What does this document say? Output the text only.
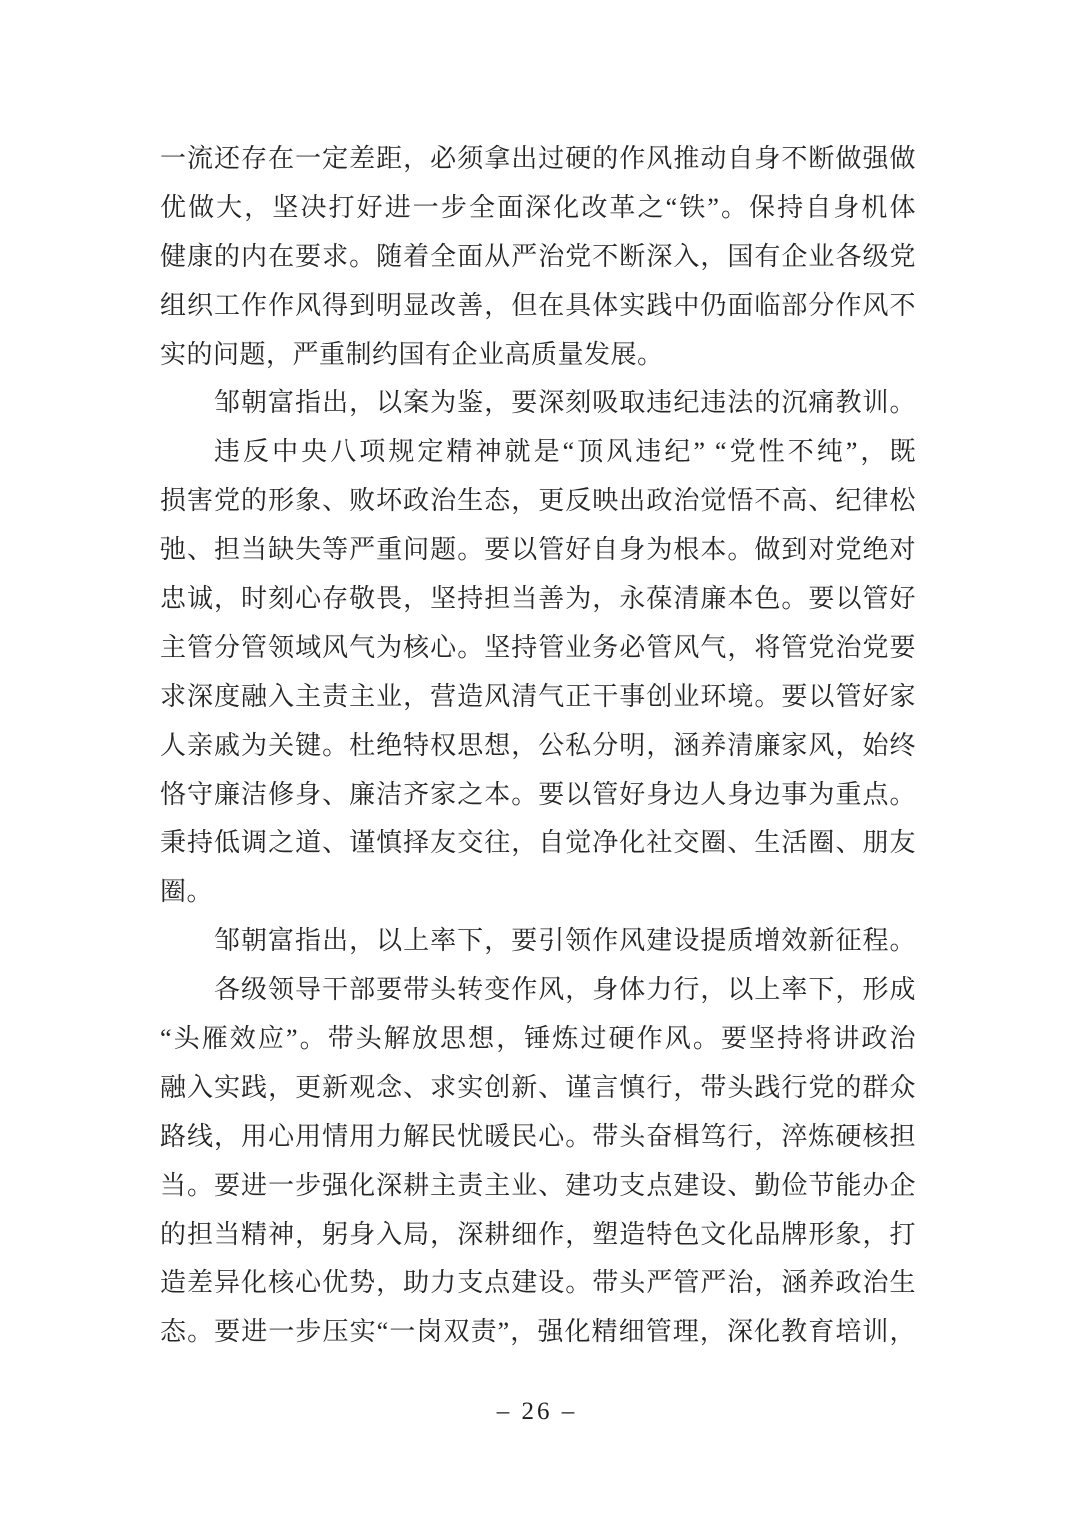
一流还存在一定差距，必须拿出过硬的作风推动自身不断做强做
优做大，坚决打好进一步全面深化改革之“铁”。保持自身机体
健康的内在要求。随着全面从严治党不断深入，国有企业各级党
组织工作作风得到明显改善，但在具体实践中仍面临部分作风不
实的问题，严重制约国有企业高质量发展。
邹朝富指出，以案为鉴，要深刻吸取违纪违法的沉痛教训。
违反中央八项规定精神就是“顶风违纪” “党性不纯”，既
损害党的形象、败坏政治生态，更反映出政治觉悟不高、纪律松
弛、担当缺失等严重问题。要以管好自身为根本。做到对党绝对
忠诚，时刻心存敬畏，坚持担当善为，永葆清廉本色。要以管好
主管分管领域风气为核心。坚持管业务必管风气，将管党治党要
求深度融入主责主业，营造风清气正干事创业环境。要以管好家
人亲戚为关键。杜绝特权思想，公私分明，涵养清廉家风，始终
恪守廉洁修身、廉洁齐家之本。要以管好身边人身边事为重点。
秉持低调之道、谨慎择友交往，自觉净化社交圈、生活圈、朋友
圈。
邹朝富指出，以上率下，要引领作风建设提质增效新征程。
各级领导干部要带头转变作风，身体力行，以上率下，形成
“头雁效应”。带头解放思想，锤炼过硬作风。要坚持将讲政治
融入实践，更新观念、求实创新、谨言慎行，带头践行党的群众
路线，用心用情用力解民忧暖民心。带头奋楫笃行，淬炼硬核担
当。要进一步强化深耕主责主业、建功支点建设、勤俭节能办企
的担当精神，躬身入局，深耕细作，塑造特色文化品牌形象，打
造差异化核心优势，助力支点建设。带头严管严治，涵养政治生
态。要进一步压实“一岗双责”，强化精细管理，深化教育培训，
– 26 –
